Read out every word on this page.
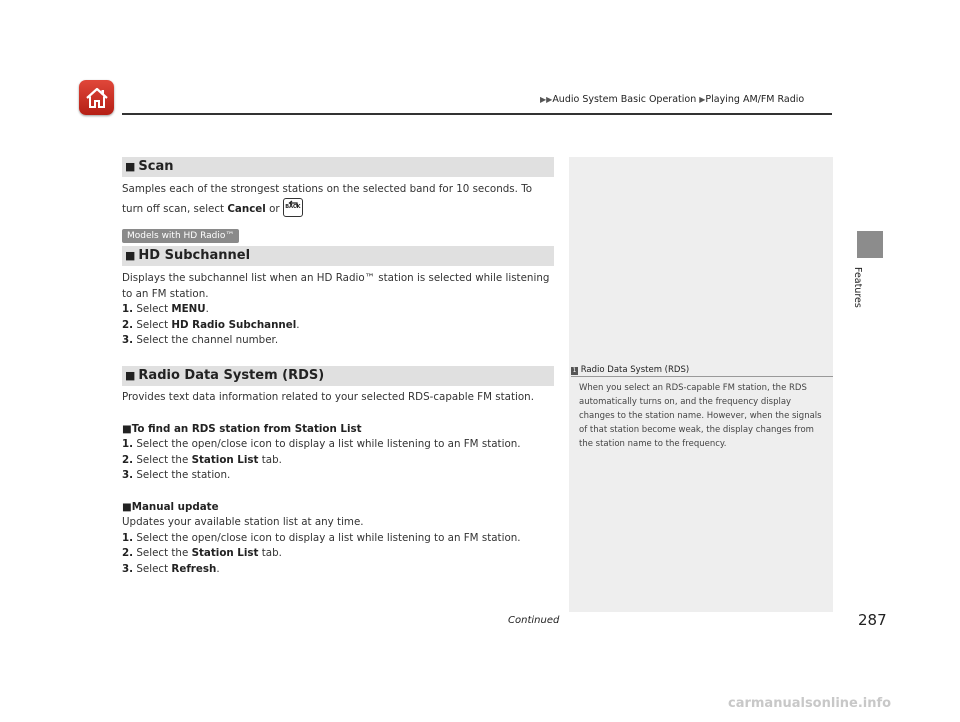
▶▶Audio System Basic Operation ▶Playing AM/FM Radio
Features
■ Scan

Samples each of the strongest stations on the selected band for 10 seconds. To turn off scan, select Cancel or BACK

Models with HD Radio™
■ HD Subchannel
Displays the subchannel list when an HD Radio™ station is selected while listening to an FM station.
1. Select MENU.
2. Select HD Radio Subchannel.
3. Select the channel number.
■ Radio Data System (RDS)
Provides text data information related to your selected RDS-capable FM station.
■To find an RDS station from Station List
1. Select the open/close icon to display a list while listening to an FM station.
2. Select the Station List tab.
3. Select the station.
■Manual update
Updates your available station list at any time.
1. Select the open/close icon to display a list while listening to an FM station.
2. Select the Station List tab.
3. Select Refresh.
1 Radio Data System (RDS)

When you select an RDS-capable FM station, the RDS automatically turns on, and the frequency display changes to the station name. However, when the signals of that station become weak, the display changes from the station name to the frequency.

Continued	287
carmanualsonline.info
